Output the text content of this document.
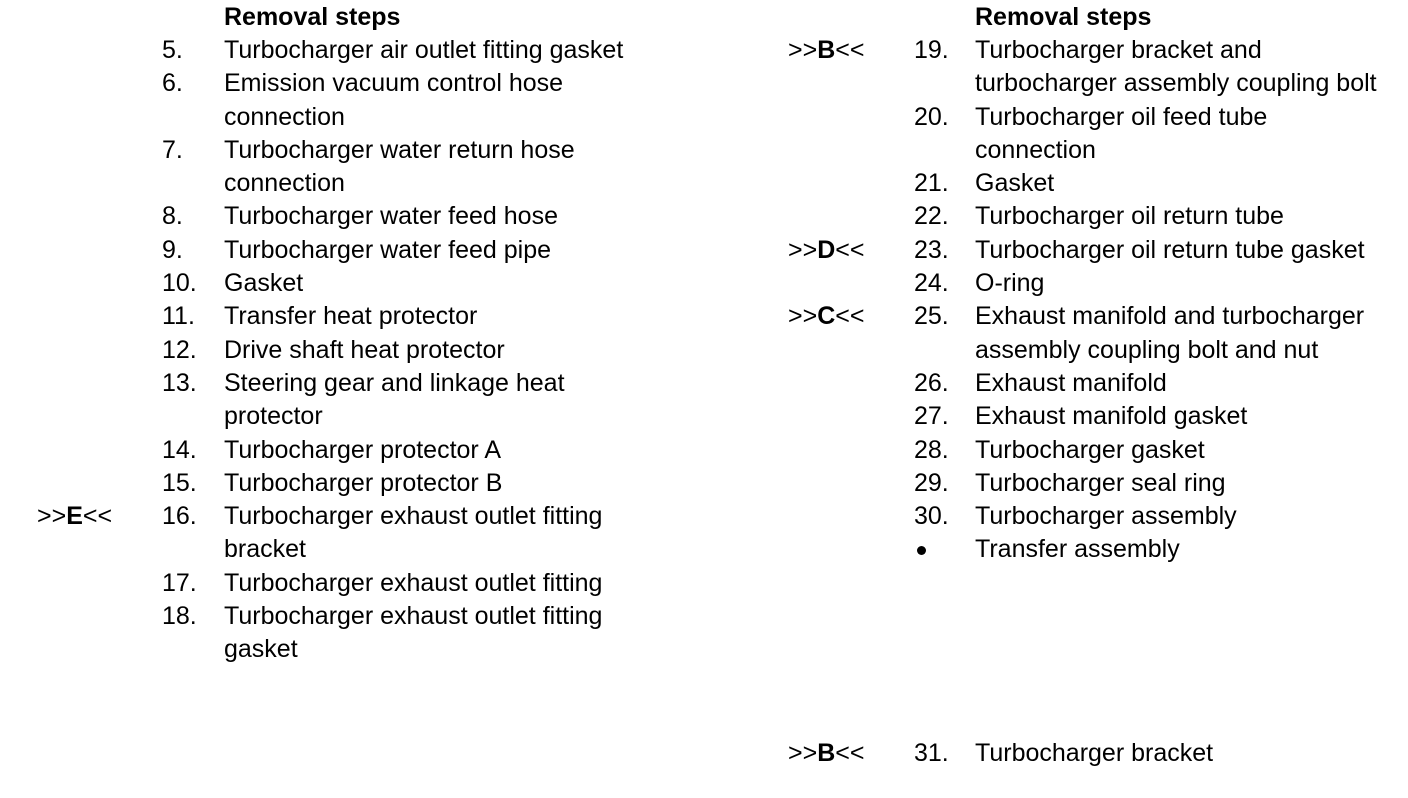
Removal steps
5. Turbocharger air outlet fitting gasket
6. Emission vacuum control hose connection
7. Turbocharger water return hose connection
8. Turbocharger water feed hose
9. Turbocharger water feed pipe
10. Gasket
11. Transfer heat protector
12. Drive shaft heat protector
13. Steering gear and linkage heat protector
14. Turbocharger protector A
15. Turbocharger protector B
>>E<< 16. Turbocharger exhaust outlet fitting bracket
17. Turbocharger exhaust outlet fitting
18. Turbocharger exhaust outlet fitting gasket
Removal steps
>>B<< 19. Turbocharger bracket and turbocharger assembly coupling bolt
20. Turbocharger oil feed tube connection
21. Gasket
22. Turbocharger oil return tube
>>D<< 23. Turbocharger oil return tube gasket
24. O-ring
>>C<< 25. Exhaust manifold and turbocharger assembly coupling bolt and nut
26. Exhaust manifold
27. Exhaust manifold gasket
28. Turbocharger gasket
29. Turbocharger seal ring
30. Turbocharger assembly
Transfer assembly
>>B<< 31. Turbocharger bracket
